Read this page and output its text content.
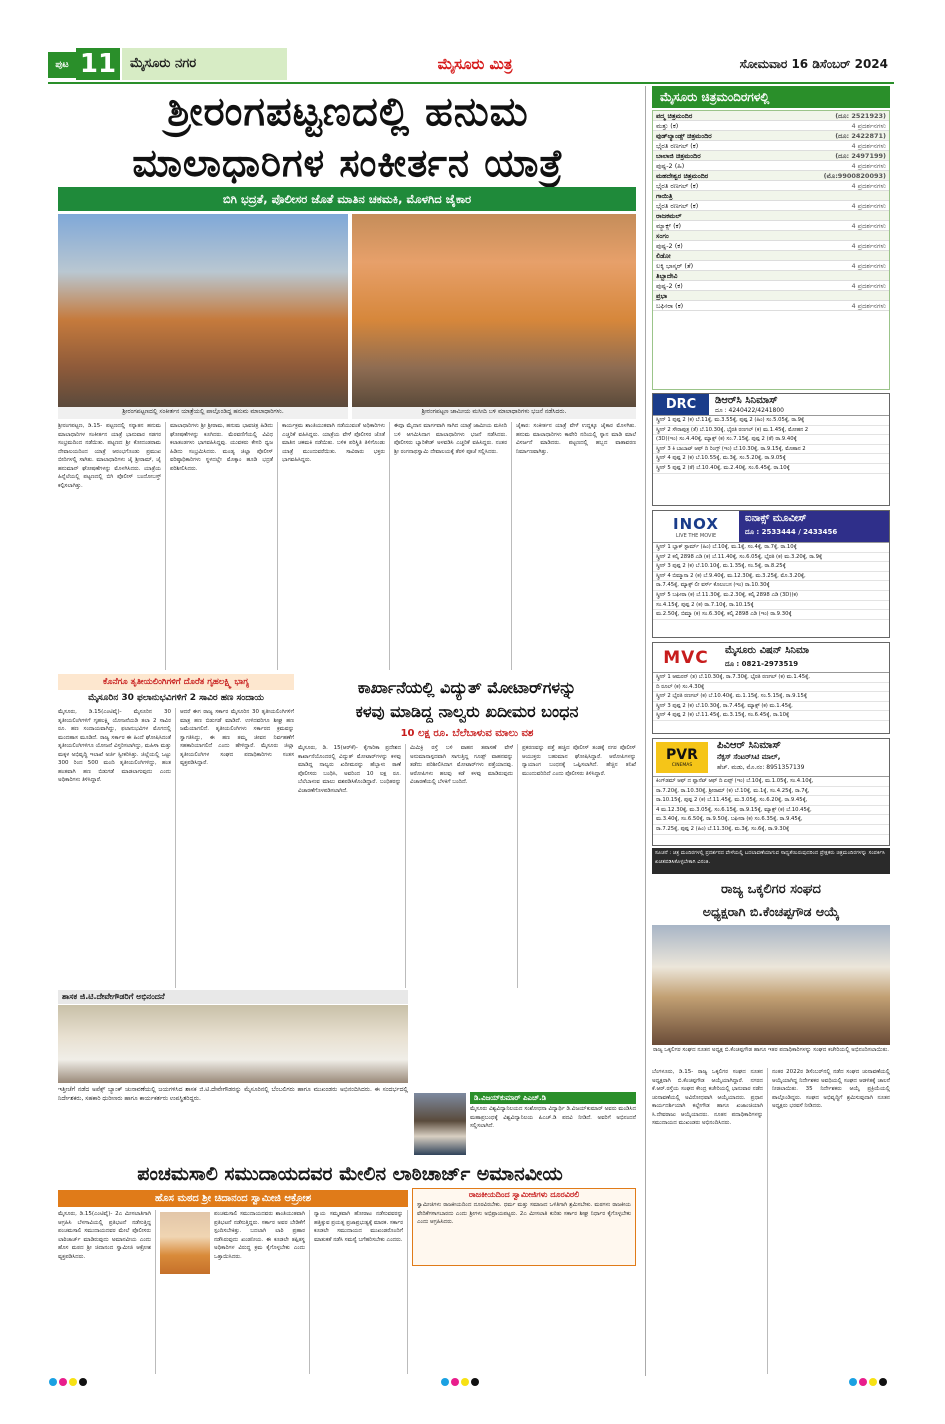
ಪುಟ 11	ಮೈಸೂರು ನಗರ	ಮೈಸೂರು ಮಿತ್ರ	ಸೋಮವಾರ 16 ಡಿಸೆಂಬರ್ 2024
ಶ್ರೀರಂಗಪಟ್ಟಣದಲ್ಲಿ ಹನುಮ
ಮಾಲಾಧಾರಿಗಳ ಸಂಕೀರ್ತನ ಯಾತ್ರೆ
ಬಿಗಿ ಭದ್ರತೆ, ಪೊಲೀಸರ ಜೊತೆ ಮಾತಿನ ಚಕಮಕಿ, ಮೊಳಗಿದ ಜೈಕಾರ
ಶ್ರೀರಂಗಪಟ್ಟಣದಲ್ಲಿ ಸಂಕೀರ್ತನ ಯಾತ್ರೆಯಲ್ಲಿ ಪಾಲ್ಗೊಂಡಿದ್ದ ಹನುಮ ಮಾಲಾಧಾರಿಗಳು.	ಶ್ರೀರಂಗಪಟ್ಟಣ ಜಾಮೀಯ ಮಸೀದಿ ಬಳಿ ಮಾಲಾಧಾರಿಗಳು ಭಜನೆ ನಡೆಸಿದರು.
ಶ್ರೀರಂಗಪಟ್ಟಣ, ಡಿ.15- ಪಟ್ಟಣದಲ್ಲಿ ಸನ್ನಾತನ ಹನುಮ ಮಾಲಾಧಾರಿಗಳ ಸಂಕೀರ್ತನ ಯಾತ್ರೆ ಭಾನುವಾರ ಸಡಗರ ಸಂಭ್ರಮದಿಂದ ನಡೆಯಿತು. ಪಟ್ಟಣದ ಶ್ರೀ ಕೋದಂಡರಾಮ ದೇವಾಲಯದಿಂದ ಯಾತ್ರೆ ಆರಂಭಗೊಂಡು ಪ್ರಮುಖ ಬೀದಿಗಳಲ್ಲಿ ಸಾಗಿತು. ಮಾಲಾಧಾರಿಗಳು ಜೈ ಶ್ರೀರಾಮ್, ಜೈ ಹನುಮಾನ್ ಘೋಷಣೆಗಳನ್ನು ಮೊಳಗಿಸಿದರು. ಯಾತ್ರೆಯ ಹಿನ್ನೆಲೆಯಲ್ಲಿ ಪಟ್ಟಣದಲ್ಲಿ ಬಿಗಿ ಪೊಲೀಸ್ ಬಂದೋಬಸ್ತ್ ಕಲ್ಪಿಸಲಾಗಿತ್ತು.
ಮಾಲಾಧಾರಿಗಳು ಶ್ರೀ ಶ್ರೀರಾಮ, ಹನುಮ ಭಾವಚಿತ್ರ ಹಿಡಿದು ಘೋಷಣೆಗಳನ್ನು ಕೂಗಿದರು. ಮೆರವಣಿಗೆಯಲ್ಲಿ ವಿವಿಧ ಕಲಾತಂಡಗಳು ಭಾಗವಹಿಸಿದ್ದವು. ಯುವಕರು ಕೇಸರಿ ಧ್ವಜ ಹಿಡಿದು ಸಂಭ್ರಮಿಸಿದರು. ಮಂಡ್ಯ ಜಿಲ್ಲಾ ಪೊಲೀಸ್ ವರಿಷ್ಠಾಧಿಕಾರಿಗಳು ಸ್ಥಳದಲ್ಲೇ ಮೊಕ್ಕಾಂ ಹೂಡಿ ಭದ್ರತೆ ಪರಿಶೀಲಿಸಿದರು.
ಕಾರ್ಯಕ್ರಮ ಶಾಂತಿಯುತವಾಗಿ ನಡೆಯುವಂತೆ ಅಧಿಕಾರಿಗಳು ಎಚ್ಚರಿಕೆ ವಹಿಸಿದ್ದರು. ಯಾತ್ರೆಯ ವೇಳೆ ಪೊಲೀಸರ ಜೊತೆ ಮಾತಿನ ಚಕಮಕಿ ನಡೆಯಿತು. ಬಳಿಕ ಪರಿಸ್ಥಿತಿ ತಿಳಿಗೊಂಡು ಯಾತ್ರೆ ಮುಂದುವರೆಯಿತು. ಸಾವಿರಾರು ಭಕ್ತರು ಭಾಗವಹಿಸಿದ್ದರು.
ಈದ್ಗಾ ಮೈದಾನ ಮಾರ್ಗವಾಗಿ ಸಾಗಿದ ಯಾತ್ರೆ ಜಾಮೀಯ ಮಸೀದಿ ಬಳಿ ಆಗಮಿಸಿದಾಗ ಮಾಲಾಧಾರಿಗಳು ಭಜನೆ ನಡೆಸಿದರು. ಪೊಲೀಸರು ಬ್ಯಾರಿಕೇಡ್ ಅಳವಡಿಸಿ ಎಚ್ಚರಿಕೆ ವಹಿಸಿದ್ದರು. ನಂತರ ಶ್ರೀ ರಂಗನಾಥಸ್ವಾಮಿ ದೇವಾಲಯಕ್ಕೆ ತೆರಳಿ ಪೂಜೆ ಸಲ್ಲಿಸಿದರು.
ಜೈಕಾರ: ಸಂಕೀರ್ತನ ಯಾತ್ರೆ ವೇಳೆ ಉದ್ದಕ್ಕೂ ಜೈಕಾರ ಮೊಳಗಿತು. ಹನುಮ ಮಾಲಾಧಾರಿಗಳು ಕಾವೇರಿ ನದಿಯಲ್ಲಿ ಸ್ನಾನ ಮಾಡಿ ಮಾಲೆ ವಿಸರ್ಜನೆ ಮಾಡಿದರು. ಪಟ್ಟಣದಲ್ಲಿ ಹಬ್ಬದ ವಾತಾವರಣ ನಿರ್ಮಾಣವಾಗಿತ್ತು.
ಕೊನೆಗೂ ತೃತೀಯಲಿಂಗಿಗಳಿಗೆ ದೊರೆತ ಗೃಹಲಕ್ಷ್ಮಿ ಭಾಗ್ಯ
ಮೈಸೂರಿನ 30 ಫಲಾನುಭವಿಗಳಿಗೆ 2 ಸಾವಿರ ಹಣ ಸಂದಾಯ
ಮೈಸೂರು, ಡಿ.15(ಎಂಟಿವೈ)- ಮೈಸೂರಿನ 30 ತೃತೀಯಲಿಂಗಿಗಳಿಗೆ ಗೃಹಲಕ್ಷ್ಮಿ ಯೋಜನೆಯಡಿ ತಲಾ 2 ಸಾವಿರ ರೂ. ಹಣ ಸಂದಾಯವಾಗಿದ್ದು, ಫಲಾನುಭವಿಗಳ ಮೊಗದಲ್ಲಿ ಮಂದಹಾಸ ಮೂಡಿದೆ. ರಾಜ್ಯ ಸರ್ಕಾರ ಈ ಹಿಂದೆ ಘೋಷಿಸಿದಂತೆ ತೃತೀಯಲಿಂಗಿಗಳಿಗೂ ಯೋಜನೆ ವಿಸ್ತರಿಸಲಾಗಿದ್ದು, ಮಹಿಳಾ ಮತ್ತು ಮಕ್ಕಳ ಅಭಿವೃದ್ಧಿ ಇಲಾಖೆ ಅರ್ಜಿ ಸ್ವೀಕರಿಸಿತ್ತು. ಜಿಲ್ಲೆಯಲ್ಲಿ ಒಟ್ಟು 300 ರಿಂದ 500 ಮಂದಿ ತೃತೀಯಲಿಂಗಿಗಳಿದ್ದು, ಹಂತ ಹಂತವಾಗಿ ಹಣ ಬಿಡುಗಡೆ ಮಾಡಲಾಗುವುದು ಎಂದು ಅಧಿಕಾರಿಗಳು ತಿಳಿಸಿದ್ದಾರೆ.
ಆದರೆ ಈಗ ರಾಜ್ಯ ಸರ್ಕಾರ ಮೈಸೂರಿನ 30 ತೃತೀಯಲಿಂಗಿಗಳಿಗೆ ಮಾತ್ರ ಹಣ ಬಿಡುಗಡೆ ಮಾಡಿದೆ. ಉಳಿದವರಿಗೂ ಶೀಘ್ರ ಹಣ ಜಮೆಯಾಗಲಿದೆ. ತೃತೀಯಲಿಂಗಿಗಳು ಸರ್ಕಾರದ ಕ್ರಮವನ್ನು ಸ್ವಾಗತಿಸಿದ್ದು, ಈ ಹಣ ತಮ್ಮ ಜೀವನ ನಿರ್ವಹಣೆಗೆ ಸಹಕಾರಿಯಾಗಲಿದೆ ಎಂದು ಹೇಳಿದ್ದಾರೆ. ಮೈಸೂರು ಜಿಲ್ಲಾ ತೃತೀಯಲಿಂಗಿಗಳ ಸಂಘದ ಪದಾಧಿಕಾರಿಗಳು ಸಂತಸ ವ್ಯಕ್ತಪಡಿಸಿದ್ದಾರೆ.
ಕಾರ್ಖಾನೆಯಲ್ಲಿ ವಿದ್ಯುತ್ ಮೋಟಾರ್‌ಗಳನ್ನು
ಕಳವು ಮಾಡಿದ್ದ ನಾಲ್ವರು ಖದೀಮರ ಬಂಧನ
10 ಲಕ್ಷ ರೂ. ಬೆಲೆಬಾಳುವ ಮಾಲು ವಶ
ಮೈಸೂರು, ಡಿ. 15(ಆರ್‌ಕೆ)- ಕೈಗಾರಿಕಾ ಪ್ರದೇಶದ ಕಾರ್ಖಾನೆಯೊಂದರಲ್ಲಿ ವಿದ್ಯುತ್ ಮೋಟಾರ್‌ಗಳನ್ನು ಕಳವು ಮಾಡಿದ್ದ ನಾಲ್ವರು ಖದೀಮರನ್ನು ಹೆಬ್ಬಾಳು ಠಾಣೆ ಪೊಲೀಸರು ಬಂಧಿಸಿ, ಅವರಿಂದ 10 ಲಕ್ಷ ರೂ. ಬೆಲೆಬಾಳುವ ಮಾಲು ವಶಪಡಿಸಿಕೊಂಡಿದ್ದಾರೆ. ಬಂಧಿತರನ್ನು ವಿಚಾರಣೆಗೊಳಪಡಿಸಲಾಗಿದೆ.
ಮಿಮಿಕ್ರಿ ರಸ್ತೆ ಬಳಿ ವಾಹನ ತಪಾಸಣೆ ವೇಳೆ ಅನುಮಾನಾಸ್ಪದವಾಗಿ ಸಾಗುತ್ತಿದ್ದ ಗೂಡ್ಸ್ ವಾಹನವನ್ನು ತಡೆದು ಪರಿಶೀಲಿಸಿದಾಗ ಮೋಟಾರ್‌ಗಳು ಪತ್ತೆಯಾದವು. ಆರೋಪಿಗಳು ಹಲವು ಕಡೆ ಕಳವು ಮಾಡಿರುವುದು ವಿಚಾರಣೆಯಲ್ಲಿ ಬೆಳಕಿಗೆ ಬಂದಿದೆ.
ಪ್ರಕರಣವನ್ನು ಪತ್ತೆ ಹಚ್ಚಿದ ಪೊಲೀಸ್ ತಂಡಕ್ಕೆ ನಗರ ಪೊಲೀಸ್ ಆಯುಕ್ತರು ಬಹುಮಾನ ಘೋಷಿಸಿದ್ದಾರೆ. ಆರೋಪಿಗಳನ್ನು ನ್ಯಾಯಾಂಗ ಬಂಧನಕ್ಕೆ ಒಪ್ಪಿಸಲಾಗಿದೆ. ಹೆಚ್ಚಿನ ತನಿಖೆ ಮುಂದುವರಿದಿದೆ ಎಂದು ಪೊಲೀಸರು ತಿಳಿಸಿದ್ದಾರೆ.
ಶಾಸಕ ಜಿ.ಟಿ.ದೇವೇಗೌಡರಿಗೆ ಅಭಿನಂದನೆ
ಇತ್ತೀಚೆಗೆ ನಡೆದ ಅಪೆಕ್ಸ್ ಬ್ಯಾಂಕ್ ಚುನಾವಣೆಯಲ್ಲಿ ಜಯಗಳಿಸಿದ ಶಾಸಕ ಜಿ.ಟಿ.ದೇವೇಗೌಡರನ್ನು ಮೈಸೂರಿನಲ್ಲಿ ಬೆಂಬಲಿಗರು ಹಾಗೂ ಮುಖಂಡರು ಅಭಿನಂದಿಸಿದರು. ಈ ಸಂದರ್ಭದಲ್ಲಿ ನಿರ್ದೇಶಕರು, ಸಹಕಾರಿ ಧುರೀಣರು ಹಾಗೂ ಕಾರ್ಯಕರ್ತರು ಉಪಸ್ಥಿತರಿದ್ದರು.	ಡಿ.ವಿಜಯ್‌ಕುಮಾರ್ ಪಿಎಚ್.ಡಿ
ಮೈಸೂರು ವಿಶ್ವವಿದ್ಯಾನಿಲಯದ ಸಂಶೋಧನಾ ವಿದ್ಯಾರ್ಥಿ ಡಿ.ವಿಜಯ್‌ಕುಮಾರ್ ಅವರು ಮಂಡಿಸಿದ ಮಹಾಪ್ರಬಂಧಕ್ಕೆ ವಿಶ್ವವಿದ್ಯಾನಿಲಯ ಪಿಎಚ್.ಡಿ ಪದವಿ ನೀಡಿದೆ. ಅವರಿಗೆ ಅಭಿನಂದನೆ ಸಲ್ಲಿಸಲಾಗಿದೆ.
ಪಂಚಮಸಾಲಿ ಸಮುದಾಯದವರ ಮೇಲಿನ ಲಾಠಿಚಾರ್ಜ್ ಅಮಾನವೀಯ
ಹೊಸ ಮಠದ ಶ್ರೀ ಚಿದಾನಂದ ಸ್ವಾಮೀಜಿ ಆಕ್ರೋಶ
ಮೈಸೂರು, ಡಿ.15(ಎಂಟಿವೈ)- 2ಎ ಮೀಸಲಾತಿಗಾಗಿ ಆಗ್ರಹಿಸಿ ಬೆಳಗಾವಿಯಲ್ಲಿ ಪ್ರತಿಭಟನೆ ನಡೆಸುತ್ತಿದ್ದ ಪಂಚಮಸಾಲಿ ಸಮುದಾಯದವರ ಮೇಲೆ ಪೊಲೀಸರು ಲಾಠಿಚಾರ್ಜ್ ಮಾಡಿರುವುದು ಅಮಾನವೀಯ ಎಂದು ಹೊಸ ಮಠದ ಶ್ರೀ ಚಿದಾನಂದ ಸ್ವಾಮೀಜಿ ಆಕ್ರೋಶ ವ್ಯಕ್ತಪಡಿಸಿದರು.
ಪಂಚಮಸಾಲಿ ಸಮುದಾಯದವರು ಶಾಂತಿಯುತವಾಗಿ ಪ್ರತಿಭಟನೆ ನಡೆಸುತ್ತಿದ್ದರು. ಸರ್ಕಾರ ಅವರ ಬೇಡಿಕೆಗೆ ಸ್ಪಂದಿಸಬೇಕಿತ್ತು. ಬದಲಾಗಿ ಲಾಠಿ ಪ್ರಹಾರ ನಡೆಸಿರುವುದು ಖಂಡನೀಯ. ಈ ಕೂಡಲೇ ತಪ್ಪಿತಸ್ಥ ಅಧಿಕಾರಿಗಳ ವಿರುದ್ಧ ಕ್ರಮ ಕೈಗೊಳ್ಳಬೇಕು ಎಂದು ಒತ್ತಾಯಿಸಿದರು.
ನ್ಯಾಯ ಸಮ್ಮತವಾಗಿ ಹೋರಾಟ ನಡೆಸುವವರನ್ನು ಹತ್ತಿಕ್ಕುವ ಪ್ರಯತ್ನ ಪ್ರಜಾಪ್ರಭುತ್ವಕ್ಕೆ ಮಾರಕ. ಸರ್ಕಾರ ಕೂಡಲೇ ಸಮುದಾಯದ ಮುಖಂಡರೊಂದಿಗೆ ಮಾತುಕತೆ ನಡೆಸಿ ಸಮಸ್ಯೆ ಬಗೆಹರಿಸಬೇಕು ಎಂದರು.
ರಾಜಕೀಯದಿಂದ ಸ್ವಾಮೀಜಿಗಳು ದೂರವಿರಲಿ
ಸ್ವಾಮೀಜಿಗಳು ರಾಜಕೀಯದಿಂದ ದೂರವಿರಬೇಕು. ಧರ್ಮ ಮತ್ತು ಸಮಾಜದ ಒಳಿತಿಗಾಗಿ ಶ್ರಮಿಸಬೇಕು. ಮಠಗಳು ರಾಜಕೀಯ ವೇದಿಕೆಗಳಾಗಬಾರದು ಎಂದು ಶ್ರೀಗಳು ಅಭಿಪ್ರಾಯಪಟ್ಟರು. 2ಎ ಮೀಸಲಾತಿ ಕುರಿತು ಸರ್ಕಾರ ಶೀಘ್ರ ನಿರ್ಧಾರ ಕೈಗೊಳ್ಳಬೇಕು ಎಂದು ಆಗ್ರಹಿಸಿದರು.
ಮೈಸೂರು ಚಿತ್ರಮಂದಿರಗಳಲ್ಲಿ
ಪದ್ಮ ಚಿತ್ರಮಂದಿರ	(ದೂ: 2521923)
ಮತ್ತು (ಕ)	4 ಪ್ರದರ್ಶನಗಳು
ವುಡ್‌ಲ್ಯಾಂಡ್ಸ್ ಚಿತ್ರಮಂದಿರ	(ದೂ: 2422871)
ಭೈರತಿ ರಣಗಲ್ (ಕ)	4 ಪ್ರದರ್ಶನಗಳು
ಬಾಲಾಜಿ ಚಿತ್ರಮಂದಿರ	(ದೂ: 2497199)
ಪುಷ್ಪ-2 (ಹಿ)	4 ಪ್ರದರ್ಶನಗಳು
ಮಹದೇಶ್ವರ ಚಿತ್ರಮಂದಿರ	(ಮೊ:9900820093)
ಭೈರತಿ ರಣಗಲ್ (ಕ)	4 ಪ್ರದರ್ಶನಗಳು
ಗಾಯಿತ್ರಿ
ಭೈರತಿ ರಣಗಲ್ (ಕ)	4 ಪ್ರದರ್ಶನಗಳು
ರಾಜಕಮಲ್
ಮ್ಯಾಕ್ಸ್ (ಕ)	4 ಪ್ರದರ್ಶನಗಳು
ಸಂಗಂ
ಪುಷ್ಪ-2 (ಕ)	4 ಪ್ರದರ್ಶನಗಳು
ಲಿಡೋ
ಲಕ್ಕಿ ಭಾಸ್ಕರ್ (ತೆ)	4 ಪ್ರದರ್ಶನಗಳು
ತಿಬ್ಬಾದೇವಿ
ಪುಷ್ಪ-2 (ಕ)	4 ಪ್ರದರ್ಶನಗಳು
ಪ್ರಭಾ
ಬಘೀರಾ (ಕ)	4 ಪ್ರದರ್ಶನಗಳು
DRC	ಡಿಆರ್‌ಸಿ ಸಿನಿಮಾಸ್
ದೂ : 4240422/4241800
ಸ್ಕ್ರೀನ್ 1 ಪುಷ್ಪ 2 (ಕ) ಬೆ.11ಕ್ಕೆ, ಮ.3.55ಕ್ಕೆ, ಪುಷ್ಪ 2 (ಹಿಂ) ಸಂ.5.05ಕ್ಕೆ, ರಾ.9ಕ್ಕೆ
ಸ್ಕ್ರೀನ್ 2 ಸೌರಾಪುತ್ರ (ತೆ) ಬೆ.10.30ಕ್ಕೆ, ಭೈರತಿ ರಣಗಲ್ (ಕ) ಮ.1.45ಕ್ಕೆ, ಮೋಹನ 2
(3D)(ಇಂ) ಸಂ.4.40ಕ್ಕೆ, ಮ್ಯಾಕ್ಸ್ (ಕ) ಸಂ.7.15ಕ್ಕೆ, ಪುಷ್ಪ 2 (ತೆ) ರಾ.9.40ಕ್ಕೆ
ಸ್ಕ್ರೀನ್ 3 ಕಿ ಬಾಬಾಟ್ ಆಫ್ ದಿ ರಿಂಗ್ಸ್ (ಇಂ) ಬೆ.10.30ಕ್ಕೆ, ರಾ.9.15ಕ್ಕೆ, ಮೊಹಾನ 2
ಸ್ಕ್ರೀನ್ 4 ಪುಷ್ಪ 2 (ಕ) ಬೆ.10.55ಕ್ಕೆ, ಮ.3ಕ್ಕೆ, ಸಂ.5.20ಕ್ಕೆ, ರಾ.9.05ಕ್ಕೆ
ಸ್ಕ್ರೀನ್ 5 ಪುಷ್ಪ 2 (ತೆ) ಬೆ.10.40ಕ್ಕೆ, ಮ.2.40ಕ್ಕೆ, ಸಂ.6.45ಕ್ಕೆ, ರಾ.10ಕ್ಕೆ
INOX
LIVE THE MOVIE
ಐನಾಕ್ಸ್ ಮೂವೀಸ್
ದೂ : 2533444 / 2433456
ಸ್ಕ್ರೀನ್ 1 ಬ್ಲಾಕ್ ಸ್ಟಾರ್ಮ್ (ಹಿಂ) ಬೆ.10ಕ್ಕೆ, ಮ.1ಕ್ಕೆ, ಸಂ.4ಕ್ಕೆ, ರಾ.7ಕ್ಕೆ, ರಾ.10ಕ್ಕೆ
ಸ್ಕ್ರೀನ್ 2 ಕಲ್ಕಿ 2898 ಎಡಿ (ಕ) ಬೆ.11.40ಕ್ಕೆ, ಸಂ.6.05ಕ್ಕೆ, ಭೈರತಿ (ಕ) ಮ.3.20ಕ್ಕೆ, ರಾ.9ಕ್ಕೆ
ಸ್ಕ್ರೀನ್ 3 ಪುಷ್ಪ 2 (ಕ) ಬೆ.10.10ಕ್ಕೆ, ಮ.1.35ಕ್ಕೆ, ಸಂ.5ಕ್ಕೆ, ರಾ.8.25ಕ್ಕೆ
ಸ್ಕ್ರೀನ್ 4 ಬಿಮ್ಮಾನಾ 2 (ಕ) ಬೆ.9.40ಕ್ಕೆ, ಮ.12.30ಕ್ಕೆ, ಮ.3.25ಕ್ಕೆ, ಮೊ.3.20ಕ್ಕೆ,
ರಾ.7.45ಕ್ಕೆ, ಮ್ಯಾಕ್ಸ್ ಲೀ ವರ್ಸ್ ಕೊಲಂಬಸ (ಇಂ) ರಾ.10.30ಕ್ಕೆ
ಸ್ಕ್ರೀನ್ 5 ಬಘೀರಾ (ಕ) ಬೆ.11.30ಕ್ಕೆ, ಮ.2.30ಕ್ಕೆ, ಕಲ್ಕಿ 2898 ಎಡಿ (3D)(ಕ)
ಸಂ.4.15ಕ್ಕೆ, ಪುಷ್ಪ 2 (ಕ) ರಾ.7.10ಕ್ಕೆ, ರಾ.10.15ಕ್ಕೆ
ಮ.2.50ಕ್ಕೆ, ಬಿಮ್ಮಾ (ಕ) ಸಂ.6.30ಕ್ಕೆ, ಕಲ್ಕಿ 2898 ಎಡಿ (ಇಂ) ರಾ.9.30ಕ್ಕೆ
MVC	ಮೈಸೂರು ವಿಷನ್ ಸಿನಿಮಾ
ದೂ : 0821-2973519
ಸ್ಕ್ರೀನ್ 1 ಆಮರನ್ (ತ) ಬೆ.10.30ಕ್ಕೆ, ರಾ.7.30ಕ್ಕೆ, ಭೈರತಿ ರಣಗಲ್ (ಕ) ಮ.1.45ಕ್ಕೆ,
ದಿ ರೂಲ್ (ಕ) ಸಂ.4.30ಕ್ಕೆ
ಸ್ಕ್ರೀನ್ 2 ಭೈರತಿ ರಣಗಲ್ (ಕ) ಬೆ.10.40ಕ್ಕೆ, ಮ.1.15ಕ್ಕೆ, ಸಂ.5.15ಕ್ಕೆ, ರಾ.9.15ಕ್ಕೆ
ಸ್ಕ್ರೀನ್ 3 ಪುಷ್ಪ 2 (ಕ) ಬೆ.10.30ಕ್ಕೆ, ರಾ.7.45ಕ್ಕೆ, ಮ್ಯಾಕ್ಸ್ (ಕ) ಮ.1.45ಕ್ಕೆ,
ಸ್ಕ್ರೀನ್ 4 ಪುಷ್ಪ 2 (ಕ) ಬೆ.11.45ಕ್ಕೆ, ಮ.3.15ಕ್ಕೆ, ಸಂ.6.45ಕ್ಕೆ, ರಾ.10ಕ್ಕೆ
PVR
CINEMAS
ಪಿವಿಆರ್ ಸಿನಿಮಾಸ್
ನೆಕ್ಸಸ್ ಸೆಂಟರ್‌ಸಿಟಿ ಮಾಲ್,
ಹೆಚ್. ಮಡು, ಮೊ.ನಂ: 8951357139
ಕಿಂಗ್‌ಡಮ್ ಆಫ್ ದ ಪ್ಲಾನೆಟ್ ಆಫ್ ದಿ ಏಪ್ಸ್ (ಇಂ) ಬೆ.10ಕ್ಕೆ, ಮ.1.05ಕ್ಕೆ, ಸಂ.4.10ಕ್ಕೆ,
ರಾ.7.20ಕ್ಕೆ, ರಾ.10.30ಕ್ಕೆ, ಶ್ರೀರಾಮ್ (ಕ) ಬೆ.10ಕ್ಕೆ, ಮ.1ಕ್ಕೆ, ಸಂ.4.25ಕ್ಕೆ, ರಾ.7ಕ್ಕೆ,
ರಾ.10.15ಕ್ಕೆ, ಪುಷ್ಪ 2 (ಕ) ಬೆ.11.45ಕ್ಕೆ, ಮ.3.05ಕ್ಕೆ, ಸಂ.6.20ಕ್ಕೆ, ರಾ.9.45ಕ್ಕೆ,
4 ಮ.12.30ಕ್ಕೆ, ಮ.3.05ಕ್ಕೆ, ಸಂ.6.15ಕ್ಕೆ, ರಾ.9.15ಕ್ಕೆ, ಮ್ಯಾಕ್ಸ್ (ಕ) ಬೆ.10.45ಕ್ಕೆ,
ಮ.3.40ಕ್ಕೆ, ಸಂ.6.50ಕ್ಕೆ, ರಾ.9.50ಕ್ಕೆ, ಬಘೀರಾ (ಕ) ಸಂ.6.35ಕ್ಕೆ, ರಾ.9.45ಕ್ಕೆ,
ರಾ.7.25ಕ್ಕೆ, ಪುಷ್ಪ 2 (ಹಿಂ) ಬೆ.11.30ಕ್ಕೆ, ಮ.3ಕ್ಕೆ, ಸಂ.6ಕ್ಕೆ, ರಾ.9.30ಕ್ಕೆ
ಸೂಚನೆ : ಚಿತ್ರ ಮಂದಿರಗಳಲ್ಲಿ ಪ್ರದರ್ಶನದ ವೇಳೆಯಲ್ಲಿ ಬದಲಾವಣೆಯಾಗುವ ಸಾಧ್ಯತೆಯಿರುವುದರಿಂದ ಪ್ರೇಕ್ಷಕರು ಚಿತ್ರಮಂದಿರಗಳನ್ನು ಸಂಪರ್ಕಿಸಿ ಖಚಿತಪಡಿಸಿಕೊಳ್ಳಬೇಕಾಗಿ ವಿನಂತಿ.
ರಾಜ್ಯ ಒಕ್ಕಲಿಗರ ಸಂಘದ
ಅಧ್ಯಕ್ಷರಾಗಿ ಬಿ.ಕೆಂಚಪ್ಪಗೌಡ ಆಯ್ಕೆ
ರಾಜ್ಯ ಒಕ್ಕಲಿಗರ ಸಂಘದ ನೂತನ ಅಧ್ಯಕ್ಷ ಬಿ.ಕೆಂಚಪ್ಪಗೌಡ ಹಾಗೂ ಇತರ ಪದಾಧಿಕಾರಿಗಳನ್ನು ಸಂಘದ ಕಚೇರಿಯಲ್ಲಿ ಅಭಿನಂದಿಸಲಾಯಿತು.
ಬೆಂಗಳೂರು, ಡಿ.15- ರಾಜ್ಯ ಒಕ್ಕಲಿಗರ ಸಂಘದ ನೂತನ ಅಧ್ಯಕ್ಷರಾಗಿ ಬಿ.ಕೆಂಚಪ್ಪಗೌಡ ಆಯ್ಕೆಯಾಗಿದ್ದಾರೆ. ನಗರದ ಕೆ.ಆರ್.ರಸ್ತೆಯ ಸಂಘದ ಕೇಂದ್ರ ಕಚೇರಿಯಲ್ಲಿ ಭಾನುವಾರ ನಡೆದ ಚುನಾವಣೆಯಲ್ಲಿ ಅವಿರೋಧವಾಗಿ ಆಯ್ಕೆಯಾದರು. ಪ್ರಧಾನ ಕಾರ್ಯದರ್ಶಿಯಾಗಿ ಕಲ್ಲೇಗೌಡ ಹಾಗೂ ಖಜಾಂಚಿಯಾಗಿ ಸಿ.ದೇವರಾಜು ಆಯ್ಕೆಯಾದರು. ನೂತನ ಪದಾಧಿಕಾರಿಗಳನ್ನು ಸಮುದಾಯದ ಮುಖಂಡರು ಅಭಿನಂದಿಸಿದರು.
ನಂತರ 2022ರ ಡಿಸೆಂಬರ್‌ನಲ್ಲಿ ನಡೆದ ಸಂಘದ ಚುನಾವಣೆಯಲ್ಲಿ ಆಯ್ಕೆಯಾಗಿದ್ದ ನಿರ್ದೇಶಕರ ಅವಧಿಯಲ್ಲಿ ಸಂಘದ ಆಡಳಿತಕ್ಕೆ ಚಾಲನೆ ನೀಡಲಾಯಿತು. 35 ನಿರ್ದೇಶಕರು ಆಯ್ಕೆ ಪ್ರಕ್ರಿಯೆಯಲ್ಲಿ ಪಾಲ್ಗೊಂಡಿದ್ದರು. ಸಂಘದ ಅಭಿವೃದ್ಧಿಗೆ ಶ್ರಮಿಸುವುದಾಗಿ ನೂತನ ಅಧ್ಯಕ್ಷರು ಭರವಸೆ ನೀಡಿದರು.
